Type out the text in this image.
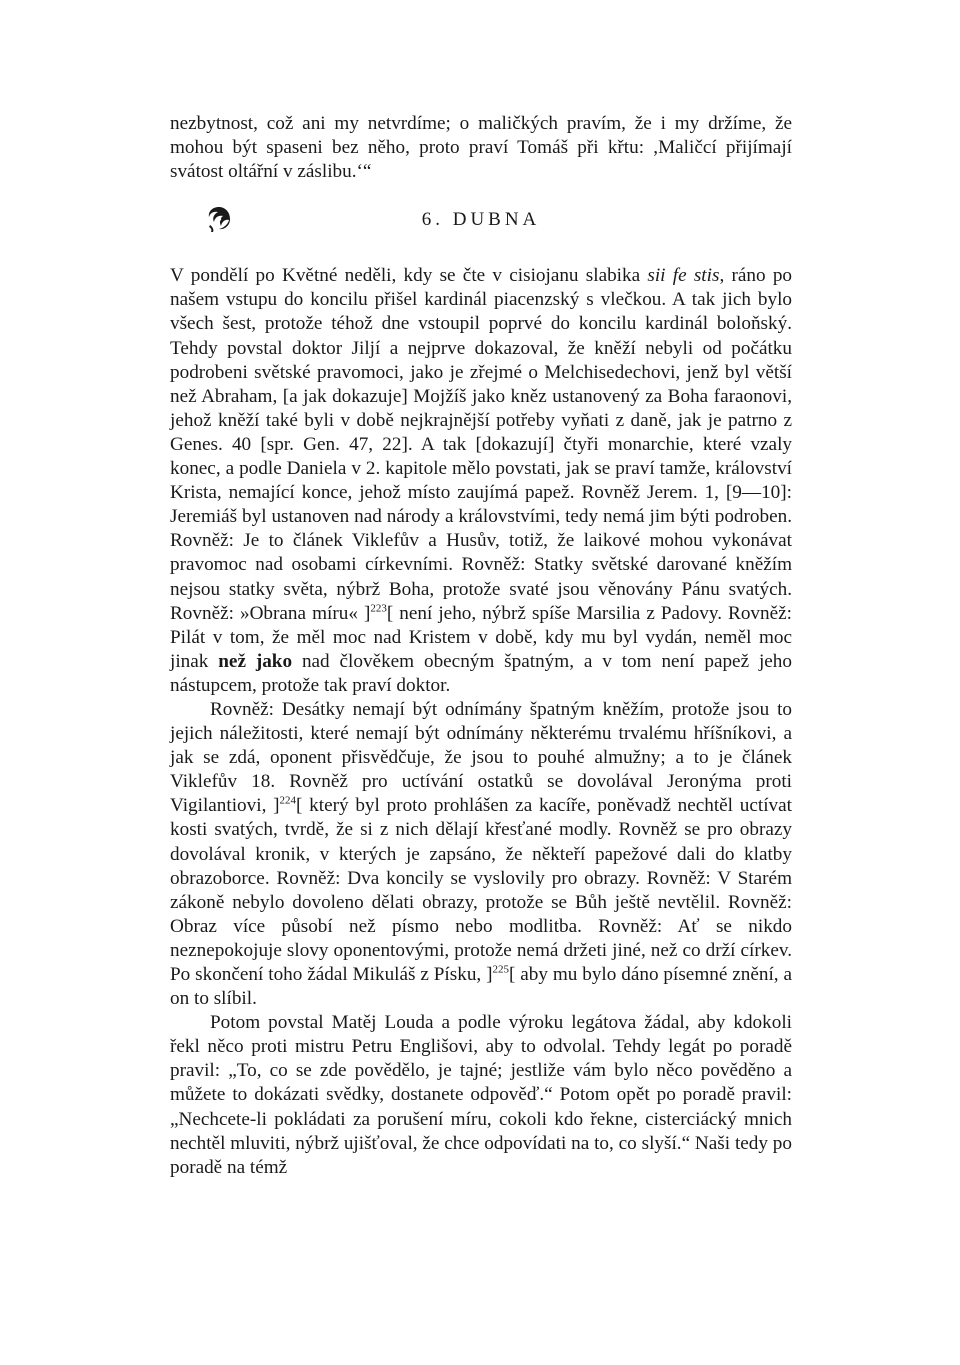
nezbytnost, což ani my netvrdíme; o maličkých pravím, že i my držíme, že mohou být spaseni bez něho, proto praví Tomáš při křtu: ,Maličcí přijímají svátost oltářní v záslibu.‘“

6. DUBNA

V pondělí po Květné neděli, kdy se čte v cisiojanu slabika sii fe stis, ráno po našem vstupu do koncilu přišel kardinál piacenzský s vlečkou. A tak jich bylo všech šest, protože téhož dne vstoupil poprvé do koncilu kardinál boloňský. Tehdy povstal doktor Jiljí a nejprve dokazoval, že kněží nebyli od počátku podrobeni světské pravomoci, jako je zřejmé o Melchisedechovi, jenž byl větší než Abraham, [a jak dokazuje] Mojžíš jako kněz ustanovený za Boha faraonovi, jehož kněží také byli v době nejkrajnější potřeby vyňati z daně, jak je patrno z Genes. 40 [spr. Gen. 47, 22]. A tak [dokazují] čtyři monarchie, které vzaly konec, a podle Daniela v 2. kapitole mělo povstati, jak se praví tamže, království Krista, nemající konce, jehož místo zaujímá papež. Rovněž Jerem. 1, [9—10]: Jeremiáš byl ustanoven nad národy a královstvími, tedy nemá jim býti podroben. Rovněž: Je to článek Viklefův a Husův, totiž, že laikové mohou vykonávat pravomoc nad osobami církevními. Rovněž: Statky světské darované kněžím nejsou statky světa, nýbrž Boha, protože svaté jsou věnovány Pánu svatých. Rovněž: »Obrana míru« ]$^{223}$[ není jeho, nýbrž spíše Marsilia z Padovy. Rovněž: Pilát v tom, že měl moc nad Kristem v době, kdy mu byl vydán, neměl moc jinak než jako nad člověkem obecným špatným, a v tom není papež jeho nástupcem, protože tak praví doktor.

Rovněž: Desátky nemají být odnímány špatným kněžím, protože jsou to jejich náležitosti, které nemají být odnímány některému trvalému hříšníkovi, a jak se zdá, oponent přisvědčuje, že jsou to pouhé almužny; a to je článek Viklefův 18. Rovněž pro uctívání ostatků se dovolával Jeronýma proti Vigilantiovi, ]$^{224}$[ který byl proto prohlášen za kacíře, poněvadž nechtěl uctívat kosti svatých, tvrdě, že si z nich dělají křesťané modly. Rovněž se pro obrazy dovolával kronik, v kterých je zapsáno, že někteří papežové dali do klatby obrazoborce. Rovněž: Dva koncily se vyslovily pro obrazy. Rovněž: V Starém zákoně nebylo dovoleno dělati obrazy, protože se Bůh ještě nevtělil. Rovněž: Obraz více působí než písmo nebo modlitba. Rovněž: Ať se nikdo neznepokojuje slovy oponentovými, protože nemá držeti jiné, než co drží církev. Po skončení toho žádal Mikuláš z Písku, ]$^{225}$[ aby mu bylo dáno písemné znění, a on to slíbil.

Potom povstal Matěj Louda a podle výroku legátova žádal, aby kdokoli řekl něco proti mistru Petru Englišovi, aby to odvolal. Tehdy legát po poradě pravil: „To, co se zde povědělo, je tajné; jestliže vám bylo něco pověděno a můžete to dokázati svědky, dostanete odpověď.“ Potom opět po poradě pravil: „Nechcete-li pokládati za porušení míru, cokoli kdo řekne, cisterciácký mnich nechtěl mluviti, nýbrž ujišťoval, že chce odpovídati na to, co slyší.“ Naši tedy po poradě na témž
